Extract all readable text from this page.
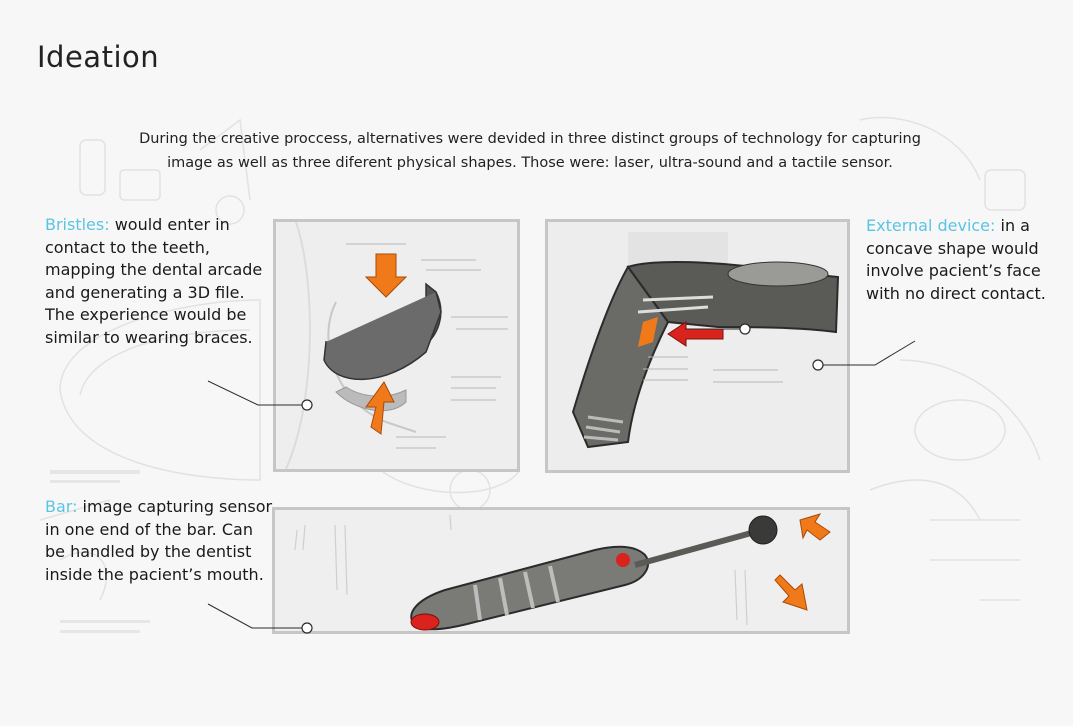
Ideation
During the creative proccess, alternatives were devided in three distinct groups of technology for capturing image as well as three diferent physical shapes. Those were: laser, ultra-sound and a tactile sensor.
Bristles: would enter in contact to the teeth, mapping the dental arcade and generating a 3D file. The experience would be similar to wearing braces.
External device: in a concave shape would involve pacient’s face with no direct contact.
Bar: image capturing sensor in one end of the bar. Can be handled by the dentist inside the pacient’s mouth.
